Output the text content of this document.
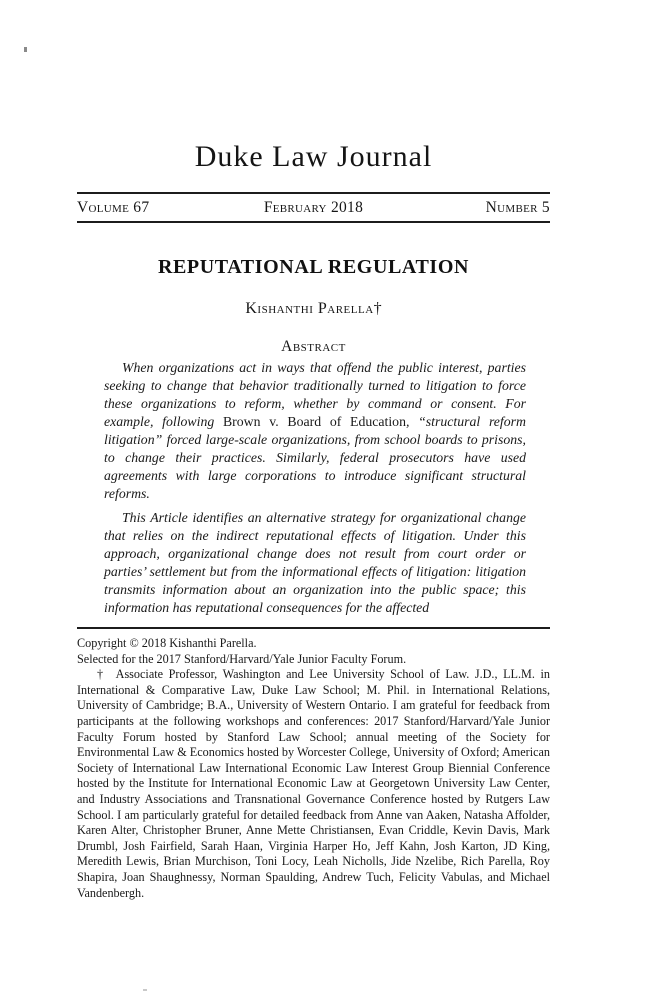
Duke Law Journal
Volume 67	February 2018	Number 5
REPUTATIONAL REGULATION

Kishanthi Parella†

Abstract

When organizations act in ways that offend the public interest, parties seeking to change that behavior traditionally turned to litigation to force these organizations to reform, whether by command or consent. For example, following Brown v. Board of Education, “structural reform litigation” forced large-scale organizations, from school boards to prisons, to change their practices. Similarly, federal prosecutors have used agreements with large corporations to introduce significant structural reforms.

This Article identifies an alternative strategy for organizational change that relies on the indirect reputational effects of litigation. Under this approach, organizational change does not result from court order or parties’ settlement but from the informational effects of litigation: litigation transmits information about an organization into the public space; this information has reputational consequences for the affected

Copyright © 2018 Kishanthi Parella.

Selected for the 2017 Stanford/Harvard/Yale Junior Faculty Forum.

† Associate Professor, Washington and Lee University School of Law. J.D., LL.M. in International & Comparative Law, Duke Law School; M. Phil. in International Relations, University of Cambridge; B.A., University of Western Ontario. I am grateful for feedback from participants at the following workshops and conferences: 2017 Stanford/Harvard/Yale Junior Faculty Forum hosted by Stanford Law School; annual meeting of the Society for Environmental Law & Economics hosted by Worcester College, University of Oxford; American Society of International Law International Economic Law Interest Group Biennial Conference hosted by the Institute for International Economic Law at Georgetown University Law Center, and Industry Associations and Transnational Governance Conference hosted by Rutgers Law School. I am particularly grateful for detailed feedback from Anne van Aaken, Natasha Affolder, Karen Alter, Christopher Bruner, Anne Mette Christiansen, Evan Criddle, Kevin Davis, Mark Drumbl, Josh Fairfield, Sarah Haan, Virginia Harper Ho, Jeff Kahn, Josh Karton, JD King, Meredith Lewis, Brian Murchison, Toni Locy, Leah Nicholls, Jide Nzelibe, Rich Parella, Roy Shapira, Joan Shaughnessy, Norman Spaulding, Andrew Tuch, Felicity Vabulas, and Michael Vandenbergh.
